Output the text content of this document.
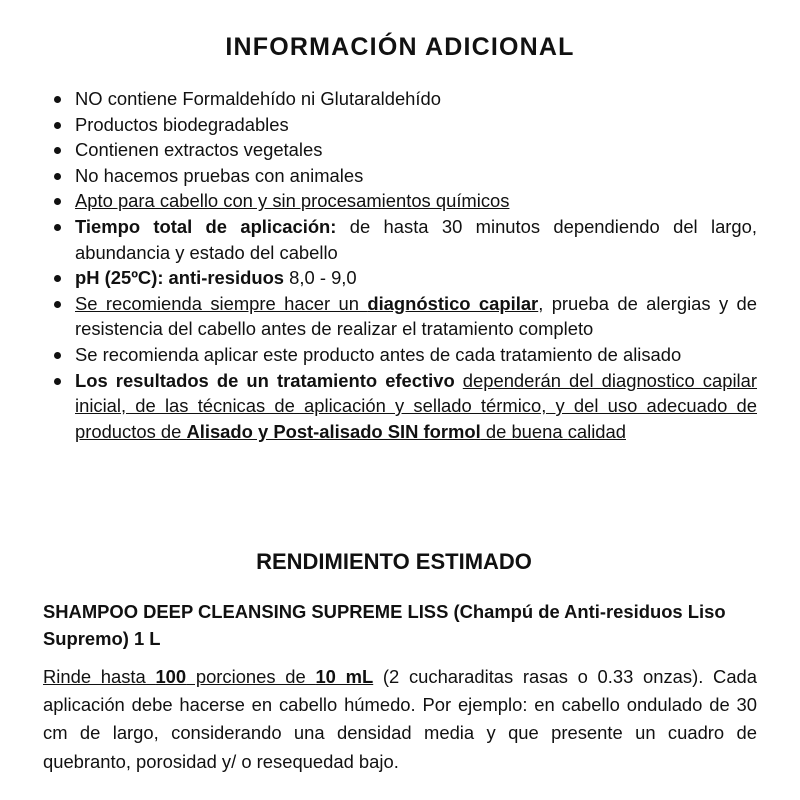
INFORMACIÓN ADICIONAL
NO contiene Formaldehído ni Glutaraldehído
Productos biodegradables
Contienen extractos vegetales
No hacemos pruebas con animales
Apto para cabello con y sin procesamientos químicos
Tiempo total de aplicación: de hasta 30 minutos dependiendo del largo, abundancia y estado del cabello
pH (25ºC): anti-residuos 8,0 - 9,0
Se recomienda siempre hacer un diagnóstico capilar, prueba de alergias y de resistencia del cabello antes de realizar el tratamiento completo
Se recomienda aplicar este producto antes de cada tratamiento de alisado
Los resultados de un tratamiento efectivo dependerán del diagnostico capilar inicial, de las técnicas de aplicación y sellado térmico, y del uso adecuado de productos de Alisado y Post-alisado SIN formol de buena calidad
RENDIMIENTO ESTIMADO
SHAMPOO DEEP CLEANSING SUPREME LISS (Champú de Anti-residuos Liso Supremo) 1 L

Rinde hasta 100 porciones de 10 mL (2 cucharaditas rasas o 0.33 onzas). Cada aplicación debe hacerse en cabello húmedo. Por ejemplo: en cabello ondulado de 30 cm de largo, considerando una densidad media y que presente un cuadro de quebranto, porosidad y/ o resequedad bajo.
